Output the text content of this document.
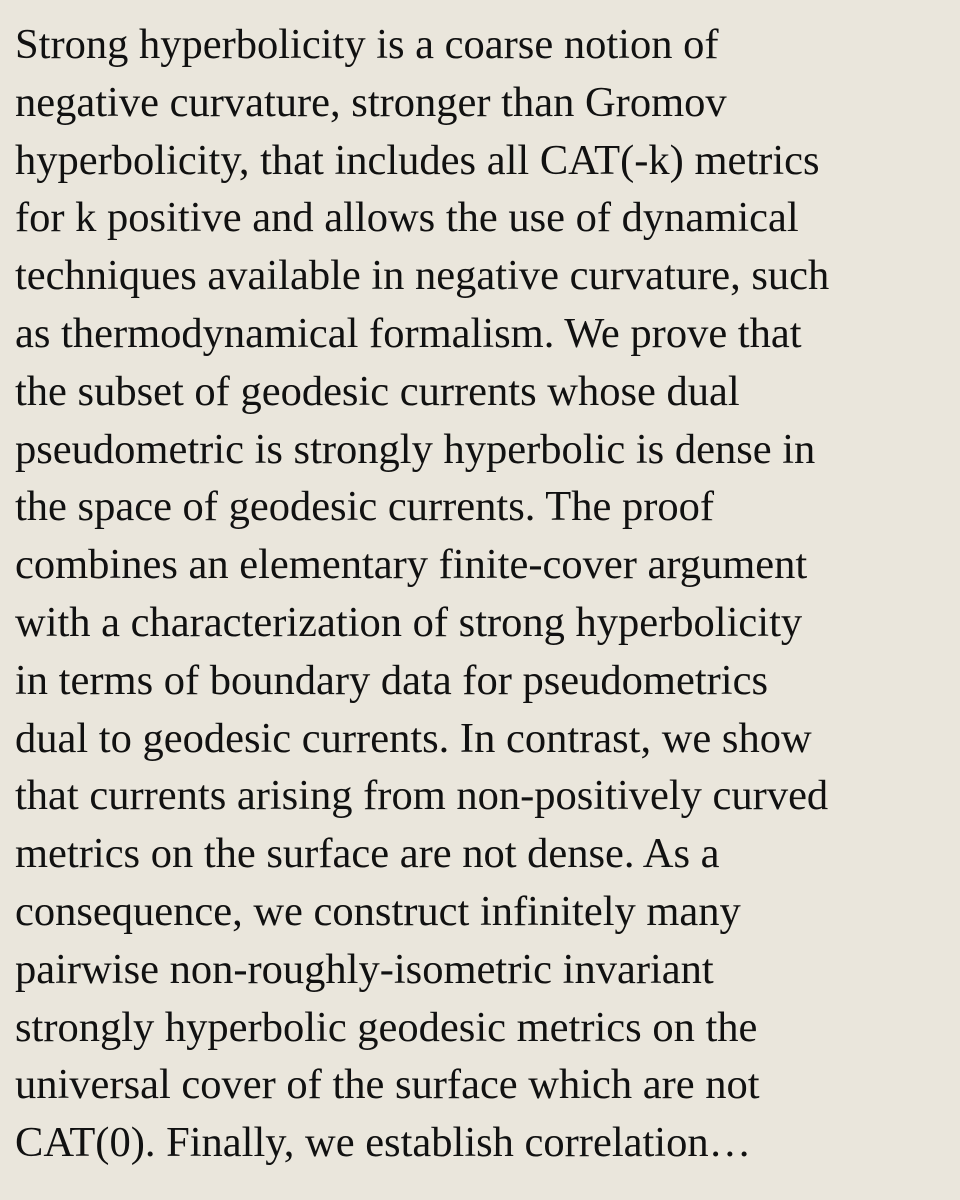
Strong hyperbolicity is a coarse notion of
negative curvature, stronger than Gromov
hyperbolicity, that includes all CAT(-k) metrics
for k positive and allows the use of dynamical
techniques available in negative curvature, such
as thermodynamical formalism. We prove that
the subset of geodesic currents whose dual
pseudometric is strongly hyperbolic is dense in
the space of geodesic currents. The proof
combines an elementary finite-cover argument
with a characterization of strong hyperbolicity
in terms of boundary data for pseudometrics
dual to geodesic currents. In contrast, we show
that currents arising from non-positively curved
metrics on the surface are not dense. As a
consequence, we construct infinitely many
pairwise non-roughly-isometric invariant
strongly hyperbolic geodesic metrics on the
universal cover of the surface which are not
CAT(0). Finally, we establish correlation…
